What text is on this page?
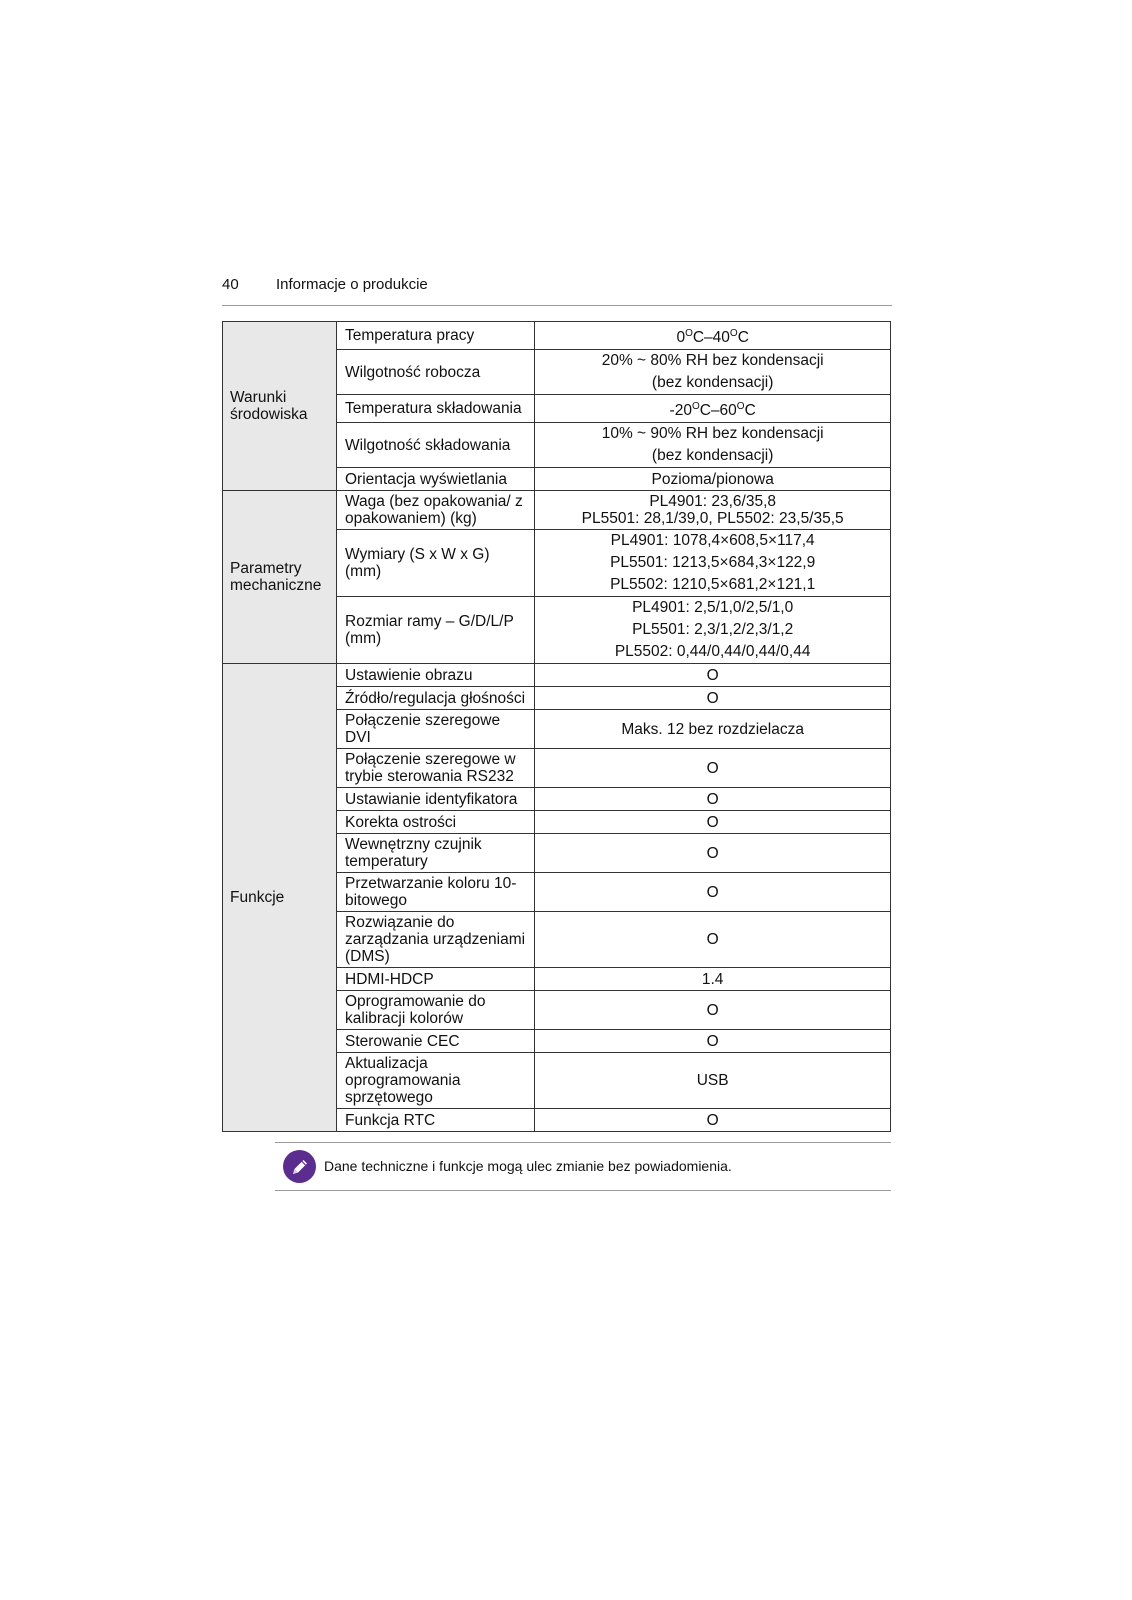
40 Informacje o produkcie
Warunki środowiska	Temperatura pracy	$0^OC-40^OC$
	Wilgotność robocza	20% ~ 80% RH bez kondensacji
(bez kondensacji)

	Temperatura składowania	$-20^OC-60^OC$
	Wilgotność składowania	10% ~ 90% RH bez kondensacji
(bez kondensacji)

	Orientacja wyświetlania	Pozioma/pionowa
Parametry mechaniczne	Waga (bez opakowania/ z opakowaniem) (kg)	PL4901: 23,6/35,8
PL5501: 28,1/39,0, PL5502: 23,5/35,5

	Wymiary (S x W x G) (mm)	PL4901: 1078,4×608,5×117,4
PL5501: 1213,5×684,3×122,9
PL5502: 1210,5×681,2×121,1

	Rozmiar ramy – G/D/L/P (mm)	PL4901: 2,5/1,0/2,5/1,0
PL5501: 2,3/1,2/2,3/1,2
PL5502: 0,44/0,44/0,44/0,44

Funkcje	Ustawienie obrazu	O
	Źródło/regulacja głośności	O
	Połączenie szeregowe DVI	Maks. 12 bez rozdzielacza
	Połączenie szeregowe w trybie sterowania RS232	O
	Ustawianie identyfikatora	O
	Korekta ostrości	O
	Wewnętrzny czujnik temperatury	O
	Przetwarzanie koloru 10-bitowego	O
	Rozwiązanie do zarządzania urządzeniami (DMS)	O
	HDMI-HDCP	1.4
	Oprogramowanie do kalibracji kolorów	O
	Sterowanie CEC	O
	Aktualizacja oprogramowania sprzętowego	USB
	Funkcja RTC	O
Dane techniczne i funkcje mogą ulec zmianie bez powiadomienia.
